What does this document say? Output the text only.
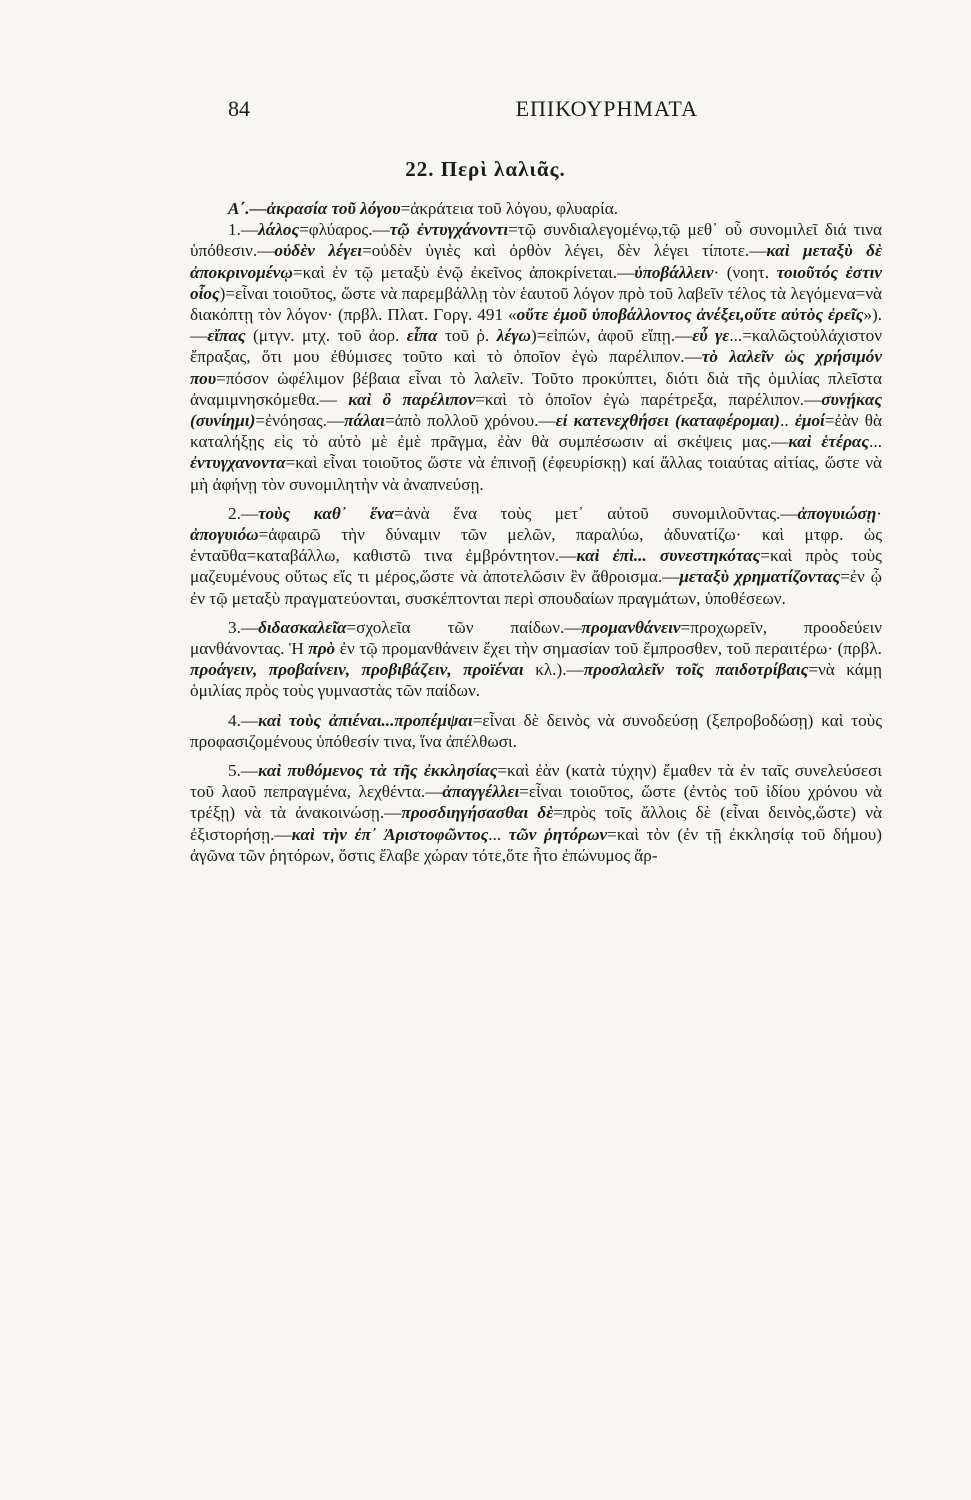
84	ΕΠΙΚΟΥΡΗΜΑΤΑ
22. Περὶ λαλιᾶς.

Α΄.—ἀκρασία τοῦ λόγου=ἀκράτεια τοῦ λόγου, φλυαρία.

1.—λάλος=φλύαρος.—τῷ ἐντυγχάνοντι=τῷ συνδιαλεγομένῳ,τῷ μεθ᾽ οὗ συνομιλεῖ διά τινα ὑπόθεσιν.—οὐδὲν λέγει=οὐδὲν ὑγιὲς καὶ ὀρθὸν λέγει, δὲν λέγει τίποτε.—καὶ μεταξὺ δὲ ἀποκρινομένῳ=καὶ ἐν τῷ μεταξὺ ἐνῷ ἐκεῖνος ἀποκρίνεται.—ὑποβάλλειν· (νοητ. τοιοῦτός ἐστιν οἷος)=εἶναι τοιοῦτος, ὥστε νὰ παρεμβάλλῃ τὸν ἑαυτοῦ λόγον πρὸ τοῦ λαβεῖν τέλος τὰ λεγόμενα=νὰ διακόπτῃ τὸν λόγον· (πρβλ. Πλατ. Γοργ. 491 «οὔτε ἐμοῦ ὑποβάλλοντος ἀνέξει,οὔτε αὐτὸς ἐρεῖς»).—εἴπας (μτγν. μτχ. τοῦ ἀορ. εἶπα τοῦ ῥ. λέγω)=εἰπών, ἀφοῦ εἴπῃ.—εὖ γε...=καλῶςτοὐλάχιστον ἔπραξας, ὅτι μου ἐθύμισες τοῦτο καὶ τὸ ὁποῖον ἐγὼ παρέλιπον.—τὸ λαλεῖν ὡς χρήσιμόν που=πόσον ὠφέλιμον βέβαια εἶναι τὸ λαλεῖν. Τοῦτο προκύπτει, διότι διὰ τῆς ὁμιλίας πλεῖστα ἀναμιμνησκόμεθα.— καὶ ὃ παρέλιπον=καὶ τὸ ὁποῖον ἐγὼ παρέτρεξα, παρέλιπον.—συνῄκας (συνίημι)=ἐνόησας.—πάλαι=ἀπὸ πολλοῦ χρόνου.—εἰ κατενεχθήσει (καταφέρομαι).. ἐμοί=ἐὰν θὰ καταλήξῃς εἰς τὸ αὐτὸ μὲ ἐμὲ πρᾶγμα, ἐὰν θὰ συμπέσωσιν αἱ σκέψεις μας.—καὶ ἑτέρας... ἐντυγχανοντα=καὶ εἶναι τοιοῦτος ὥστε νὰ ἐπινοῇ (ἐφευρίσκῃ) καί ἄλλας τοιαύτας αἰτίας, ὥστε νὰ μὴ ἀφήνῃ τὸν συνομιλητὴν νὰ ἀναπνεύσῃ.

2.—τοὺς καθ᾽ ἕνα=ἀνὰ ἕνα τοὺς μετ᾽ αὐτοῦ συνομιλοῦντας.—ἀπογυιώσῃ· ἀπογυιόω=ἀφαιρῶ τὴν δύναμιν τῶν μελῶν, παραλύω, ἀδυνατίζω· καὶ μτφρ. ὡς ἐνταῦθα=καταβάλλω, καθιστῶ τινα ἐμβρόντητον.—καὶ ἐπὶ... συνεστηκότας=καὶ πρὸς τοὺς μαζευμένους οὕτως εἴς τι μέρος,ὥστε νὰ ἀποτελῶσιν ἓν ἄθροισμα.—μεταξὺ χρηματίζοντας=ἐν ᾧ ἐν τῷ μεταξὺ πραγματεύονται, συσκέπτονται περὶ σπουδαίων πραγμάτων, ὑποθέσεων.

3.—διδασκαλεῖα=σχολεῖα τῶν παίδων.—προμανθάνειν=προχωρεῖν, προοδεύειν μανθάνοντας. Ἡ πρὸ ἐν τῷ προμανθάνειν ἔχει τὴν σημασίαν τοῦ ἔμπροσθεν, τοῦ περαιτέρω· (πρβλ. προάγειν, προβαίνειν, προβιβάζειν, προϊέναι κλ.).—προσλαλεῖν τοῖς παιδοτρίβαις=νὰ κάμῃ ὁμιλίας πρὸς τοὺς γυμναστὰς τῶν παίδων.

4.—καὶ τοὺς ἀπιέναι...προπέμψαι=εἶναι δὲ δεινὸς νὰ συνοδεύσῃ (ξεπροβοδώσῃ) καὶ τοὺς προφασιζομένους ὑπόθεσίν τινα, ἵνα ἀπέλθωσι.

5.—καὶ πυθόμενος τὰ τῆς ἐκκλησίας=καὶ ἐὰν (κατὰ τύχην) ἔμαθεν τὰ ἐν ταῖς συνελεύσεσι τοῦ λαοῦ πεπραγμένα, λεχθέντα.—ἀπαγγέλλει=εἶναι τοιοῦτος, ὥστε (ἐντὸς τοῦ ἰδίου χρόνου νὰ τρέξῃ) νὰ τὰ ἀνακοινώσῃ.—προσδιηγήσασθαι δὲ=πρὸς τοῖς ἄλλοις δὲ (εἶναι δεινὸς,ὥστε) νὰ ἐξιστορήσῃ.—καὶ τὴν ἐπ᾽ Ἀριστοφῶντος... τῶν ῥητόρων=καὶ τὸν (ἐν τῇ ἐκκλησίᾳ τοῦ δήμου) ἀγῶνα τῶν ῥητόρων, ὅστις ἔλαβε χώραν τότε,ὅτε ἦτο ἐπώνυμος ἄρ-
